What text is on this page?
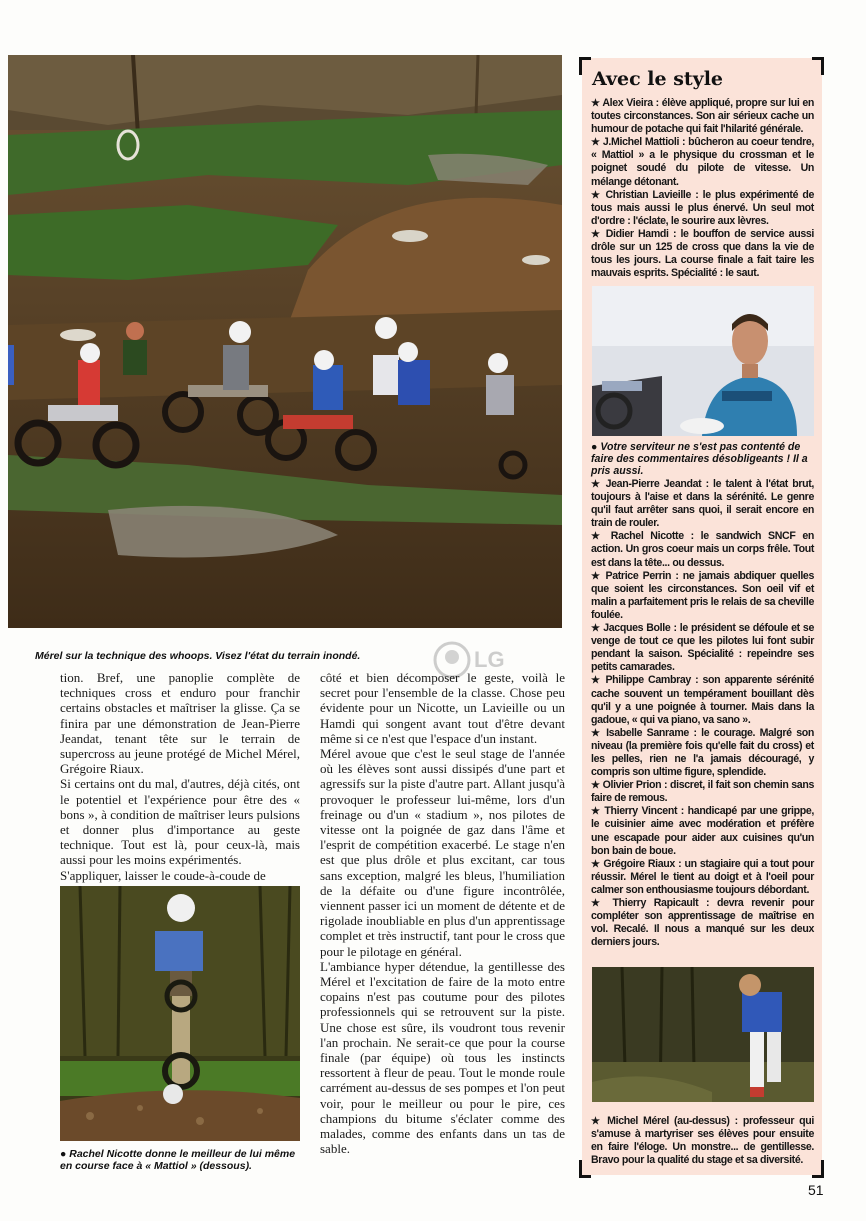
Mérel sur la technique des whoops. Visez l'état du terrain inondé.	LG

tion. Bref, une panoplie complète de techniques cross et enduro pour franchir certains obstacles et maîtriser la glisse. Ça se finira par une démonstration de Jean-Pierre Jeandat, tenant tête sur le terrain de supercross au jeune protégé de Michel Mérel, Grégoire Riaux.

Si certains ont du mal, d'autres, déjà cités, ont le potentiel et l'expérience pour être des « bons », à condition de maîtriser leurs pulsions et donner plus d'importance au geste technique. Tout est là, pour ceux-là, mais aussi pour les moins expérimentés.

S'appliquer, laisser le coude-à-coude de

● Rachel Nicotte donne le meilleur de lui même en course face à « Mattiol » (dessous).

côté et bien décomposer le geste, voilà le secret pour l'ensemble de la classe. Chose peu évidente pour un Nicotte, un Lavieille ou un Hamdi qui songent avant tout d'être devant même si ce n'est que l'espace d'un instant.

Mérel avoue que c'est le seul stage de l'année où les élèves sont aussi dissipés d'une part et agressifs sur la piste d'autre part. Allant jusqu'à provoquer le professeur lui-même, lors d'un freinage ou d'un « stadium », nos pilotes de vitesse ont la poignée de gaz dans l'âme et l'esprit de compétition exacerbé. Le stage n'en est que plus drôle et plus excitant, car tous sans exception, malgré les bleus, l'humiliation de la défaite ou d'une figure incontrôlée, viennent passer ici un moment de détente et de rigolade inoubliable en plus d'un apprentissage complet et très instructif, tant pour le cross que pour le pilotage en général.

L'ambiance hyper détendue, la gentillesse des Mérel et l'excitation de faire de la moto entre copains n'est pas coutume pour des pilotes professionnels qui se retrouvent sur la piste. Une chose est sûre, ils voudront tous revenir l'an prochain. Ne serait-ce que pour la course finale (par équipe) où tous les instincts ressortent à fleur de peau. Tout le monde roule carrément au-dessus de ses pompes et l'on peut voir, pour le meilleur ou pour le pire, ces champions du bitume s'éclater comme des malades, comme des enfants dans un tas de sable.

Avec le style
★ Alex Vieira : élève appliqué, propre sur lui en toutes circonstances. Son air sérieux cache un humour de potache qui fait l'hilarité générale.
★ J.Michel Mattioli : bûcheron au coeur tendre, « Mattiol » a le physique du crossman et le poignet soudé du pilote de vitesse. Un mélange détonant.
★ Christian Lavieille : le plus expérimenté de tous mais aussi le plus énervé. Un seul mot d'ordre : l'éclate, le sourire aux lèvres.
★ Didier Hamdi : le bouffon de service aussi drôle sur un 125 de cross que dans la vie de tous les jours. La course finale a fait taire les mauvais esprits. Spécialité : le saut.
● Votre serviteur ne s'est pas contenté de faire des commentaires désobligeants ! Il a pris aussi.
★ Jean-Pierre Jeandat : le talent à l'état brut, toujours à l'aise et dans la sérénité. Le genre qu'il faut arrêter sans quoi, il serait encore en train de rouler.
★ Rachel Nicotte : le sandwich SNCF en action. Un gros coeur mais un corps frêle. Tout est dans la tête... ou dessus.
★ Patrice Perrin : ne jamais abdiquer quelles que soient les circonstances. Son oeil vif et malin a parfaitement pris le relais de sa cheville foulée.
★ Jacques Bolle : le président se défoule et se venge de tout ce que les pilotes lui font subir pendant la saison. Spécialité : repeindre ses petits camarades.
★ Philippe Cambray : son apparente sérénité cache souvent un tempérament bouillant dès qu'il y a une poignée à tourner. Mais dans la gadoue, « qui va piano, va sano ».
★ Isabelle Sanrame : le courage. Malgré son niveau (la première fois qu'elle fait du cross) et les pelles, rien ne l'a jamais découragé, y compris son ultime figure, splendide.
★ Olivier Prion : discret, il fait son chemin sans faire de remous.
★ Thierry Vincent : handicapé par une grippe, le cuisinier aime avec modération et préfère une escapade pour aider aux cuisines qu'un bon bain de boue.
★ Grégoire Riaux : un stagiaire qui a tout pour réussir. Mérel le tient au doigt et à l'oeil pour calmer son enthousiasme toujours débordant.
★ Thierry Rapicault : devra revenir pour compléter son apprentissage de maîtrise en vol. Recalé. Il nous a manqué sur les deux derniers jours.
★ Michel Mérel (au-dessus) : professeur qui s'amuse à martyriser ses élèves pour ensuite en faire l'éloge. Un monstre... de gentillesse. Bravo pour la qualité du stage et sa diversité.
51
